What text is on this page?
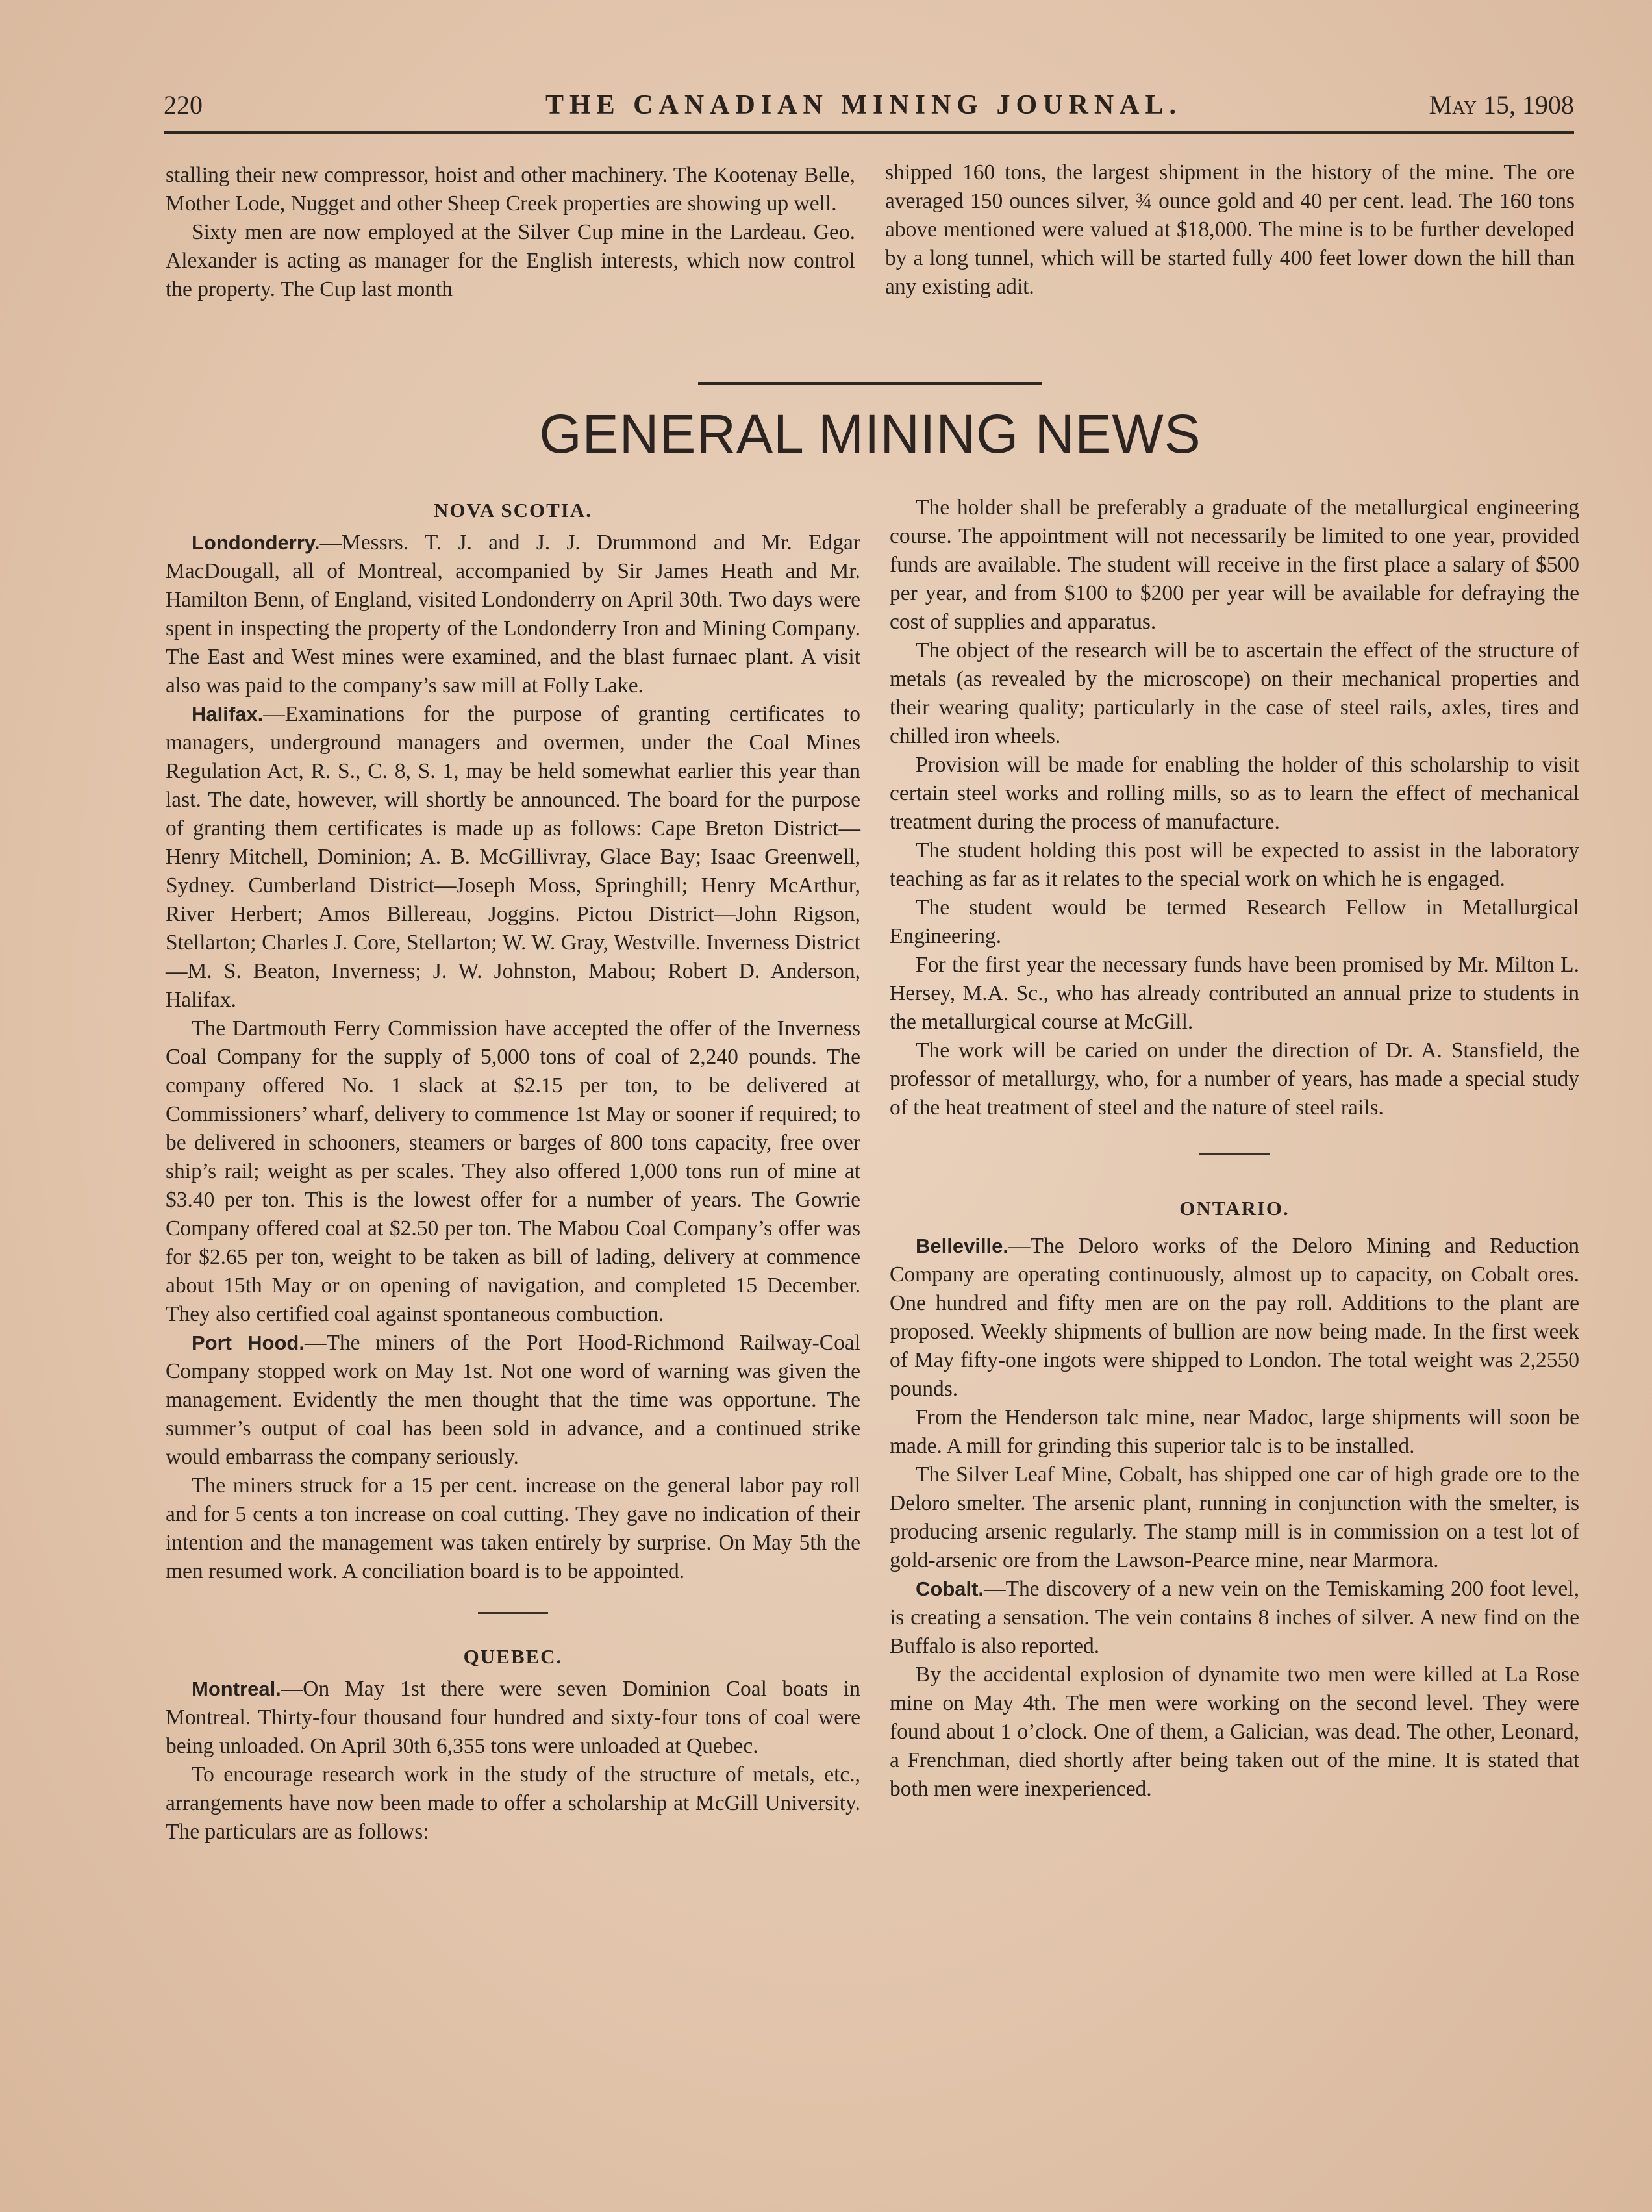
220	THE CANADIAN MINING JOURNAL.	May 15, 1908

stalling their new compressor, hoist and other machinery. The Kootenay Belle, Mother Lode, Nugget and other Sheep Creek properties are showing up well.

Sixty men are now employed at the Silver Cup mine in the Lardeau. Geo. Alexander is acting as manager for the English interests, which now control the property. The Cup last month

shipped 160 tons, the largest shipment in the history of the mine. The ore averaged 150 ounces silver, ¾ ounce gold and 40 per cent. lead. The 160 tons above mentioned were valued at $18,000. The mine is to be further developed by a long tunnel, which will be started fully 400 feet lower down the hill than any existing adit.

GENERAL MINING NEWS

NOVA SCOTIA.

Londonderry.—Messrs. T. J. and J. J. Drummond and Mr. Edgar MacDougall, all of Montreal, accompanied by Sir James Heath and Mr. Hamilton Benn, of England, visited Londonderry on April 30th. Two days were spent in inspecting the property of the Londonderry Iron and Mining Company. The East and West mines were examined, and the blast furnaec plant. A visit also was paid to the company’s saw mill at Folly Lake.

Halifax.—Examinations for the purpose of granting certificates to managers, underground managers and overmen, under the Coal Mines Regulation Act, R. S., C. 8, S. 1, may be held somewhat earlier this year than last. The date, however, will shortly be announced. The board for the purpose of granting them certificates is made up as follows: Cape Breton District—Henry Mitchell, Dominion; A. B. McGillivray, Glace Bay; Isaac Greenwell, Sydney. Cumberland District—Joseph Moss, Springhill; Henry McArthur, River Herbert; Amos Billereau, Joggins. Pictou District—John Rigson, Stellarton; Charles J. Core, Stellarton; W. W. Gray, Westville. Inverness District—M. S. Beaton, Inverness; J. W. Johnston, Mabou; Robert D. Anderson, Halifax.

The Dartmouth Ferry Commission have accepted the offer of the Inverness Coal Company for the supply of 5,000 tons of coal of 2,240 pounds. The company offered No. 1 slack at $2.15 per ton, to be delivered at Commissioners’ wharf, delivery to commence 1st May or sooner if required; to be delivered in schooners, steamers or barges of 800 tons capacity, free over ship’s rail; weight as per scales. They also offered 1,000 tons run of mine at $3.40 per ton. This is the lowest offer for a number of years. The Gowrie Company offered coal at $2.50 per ton. The Mabou Coal Company’s offer was for $2.65 per ton, weight to be taken as bill of lading, delivery at commence about 15th May or on opening of navigation, and completed 15 December. They also certified coal against spontaneous combuction.

Port Hood.—The miners of the Port Hood-Richmond Railway-Coal Company stopped work on May 1st. Not one word of warning was given the management. Evidently the men thought that the time was opportune. The summer’s output of coal has been sold in advance, and a continued strike would embarrass the company seriously.

The miners struck for a 15 per cent. increase on the general labor pay roll and for 5 cents a ton increase on coal cutting. They gave no indication of their intention and the management was taken entirely by surprise. On May 5th the men resumed work. A conciliation board is to be appointed.

QUEBEC.

Montreal.—On May 1st there were seven Dominion Coal boats in Montreal. Thirty-four thousand four hundred and sixty-four tons of coal were being unloaded. On April 30th 6,355 tons were unloaded at Quebec.

To encourage research work in the study of the structure of metals, etc., arrangements have now been made to offer a scholarship at McGill University. The particulars are as follows:

The holder shall be preferably a graduate of the metallurgical engineering course. The appointment will not necessarily be limited to one year, provided funds are available. The student will receive in the first place a salary of $500 per year, and from $100 to $200 per year will be available for defraying the cost of supplies and apparatus.

The object of the research will be to ascertain the effect of the structure of metals (as revealed by the microscope) on their mechanical properties and their wearing quality; particularly in the case of steel rails, axles, tires and chilled iron wheels.

Provision will be made for enabling the holder of this scholarship to visit certain steel works and rolling mills, so as to learn the effect of mechanical treatment during the process of manufacture.

The student holding this post will be expected to assist in the laboratory teaching as far as it relates to the special work on which he is engaged.

The student would be termed Research Fellow in Metallurgical Engineering.

For the first year the necessary funds have been promised by Mr. Milton L. Hersey, M.A. Sc., who has already contributed an annual prize to students in the metallurgical course at McGill.

The work will be caried on under the direction of Dr. A. Stansfield, the professor of metallurgy, who, for a number of years, has made a special study of the heat treatment of steel and the nature of steel rails.

ONTARIO.

Belleville.—The Deloro works of the Deloro Mining and Reduction Company are operating continuously, almost up to capacity, on Cobalt ores. One hundred and fifty men are on the pay roll. Additions to the plant are proposed. Weekly shipments of bullion are now being made. In the first week of May fifty-one ingots were shipped to London. The total weight was 2,2550 pounds.

From the Henderson talc mine, near Madoc, large shipments will soon be made. A mill for grinding this superior talc is to be installed.

The Silver Leaf Mine, Cobalt, has shipped one car of high grade ore to the Deloro smelter. The arsenic plant, running in conjunction with the smelter, is producing arsenic regularly. The stamp mill is in commission on a test lot of gold-arsenic ore from the Lawson-Pearce mine, near Marmora.

Cobalt.—The discovery of a new vein on the Temiskaming 200 foot level, is creating a sensation. The vein contains 8 inches of silver. A new find on the Buffalo is also reported.

By the accidental explosion of dynamite two men were killed at La Rose mine on May 4th. The men were working on the second level. They were found about 1 o’clock. One of them, a Galician, was dead. The other, Leonard, a Frenchman, died shortly after being taken out of the mine. It is stated that both men were inexperienced.
